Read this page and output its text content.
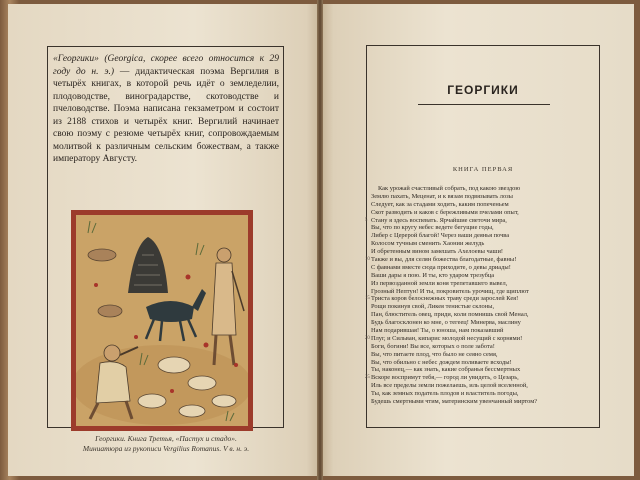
«Георгики» (Georgica, скорее всего относится к 29 году до н. э.) — дидактическая поэма Вергилия в четырёх книгах, в которой речь идёт о земледелии, плодоводстве, виноградарстве, скотоводстве и пчеловодстве. Поэма написана гекзаметром и состоит из 2188 стихов и четырёх книг. Вергилий начинает свою поэму с резюме четырёх книг, сопровождаемым молитвой к различным сельским божествам, а также императору Августу.
Георгики. Книга Третья, «Пастух и стадо».
Миниатюра из рукописи Vergilius Romanus. V в. н. э.
ГЕОРГИКИ
КНИГА ПЕРВАЯ
Как урожай счастливый собрать, под какою звездою
Землю пахать, Меценат, и к вязам подвязывать лозы
Следует, как за стадами ходить, каким попеченьем
Скот разводить и каков с бережливыми пчелами опыт,
5 Стану я здесь воспевать. Ярчайшие светочи мира,
Вы, что по кругу небес ведете бегущие годы,
Либер с Церерой благой! Через ваши деянья почва
Колосом тучным сменить Хаонии желудь
И обретенным вином замешать Ахелоевы чаши!
10 Также и вы, для селян божества благодатные, фавны!
С фавнами вместе сюда приходите, о девы дриады!
Ваши дары я пою. И ты, кто ударом трезубца
Из первозданной земли коня трепетавшего вывел,
Грозный Нептун! И ты, покровитель урочищ, где щиплют
15 Триста коров белоснежных траву среди зарослей Кея!
Рощи покинув свой, Ликея тенистые склоны,
Пан, блюститель овец, приди, коли помнишь свой Менал,
Будь благосклонен ко мне, о тегеец! Минерва, маслину
Нам подарившая! Ты, о юноша, нам показавший
20 Плуг, и Сильван, кипарис молодой несущий с корнями!
Боги, богини! Вы все, которых о поле забота!
Вы, что питаете плод, что было не сеяно семя,
Вы, что обильно с небес дождем поливаете всходы!
Ты, наконец,— как знать, какие собранья бессмертных
25 Вскоре воспримут тебя,— город ли увидеть, о Цезарь,
Иль все пределы земли пожелаешь, иль целой вселенной,
Ты, как земных податель плодов и властитель погоды,
Будешь смертными чтим, материнским увенчанный миртом?
